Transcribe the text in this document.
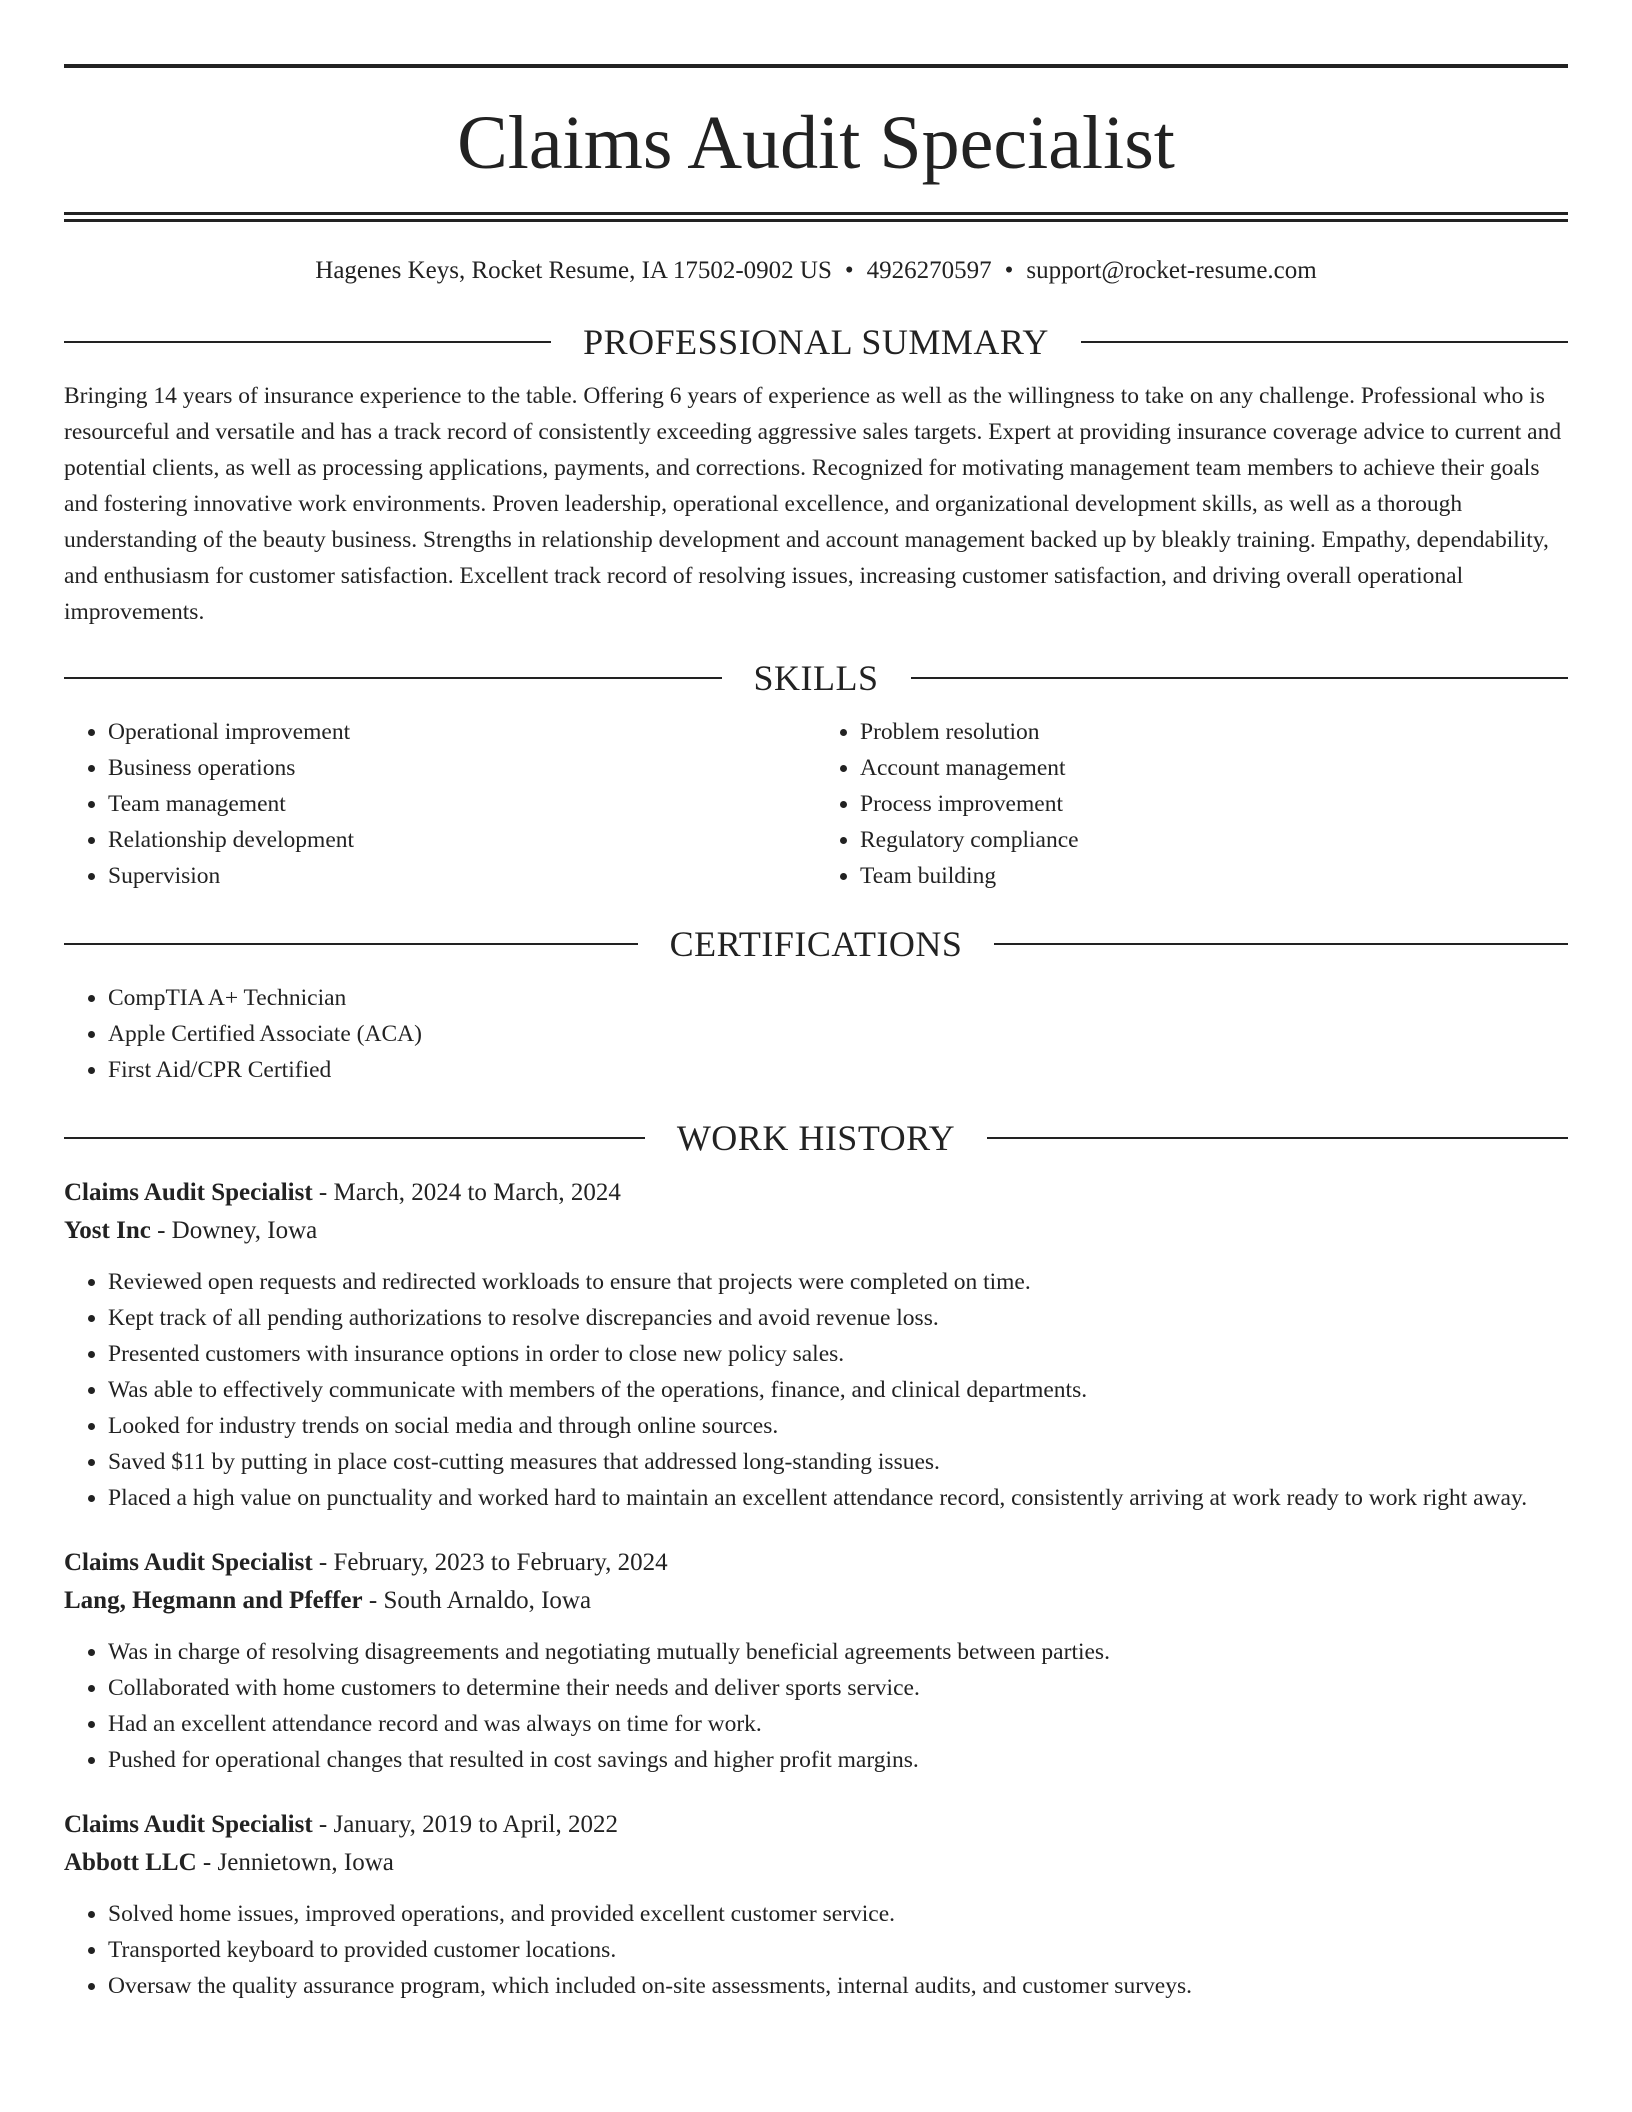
Claims Audit Specialist
Hagenes Keys, Rocket Resume, IA 17502-0902 US • 4926270597 • support@rocket-resume.com
PROFESSIONAL SUMMARY

Bringing 14 years of insurance experience to the table. Offering 6 years of experience as well as the willingness to take on any challenge. Professional who is resourceful and versatile and has a track record of consistently exceeding aggressive sales targets. Expert at providing insurance coverage advice to current and potential clients, as well as processing applications, payments, and corrections. Recognized for motivating management team members to achieve their goals and fostering innovative work environments. Proven leadership, operational excellence, and organizational development skills, as well as a thorough understanding of the beauty business. Strengths in relationship development and account management backed up by bleakly training. Empathy, dependability, and enthusiasm for customer satisfaction. Excellent track record of resolving issues, increasing customer satisfaction, and driving overall operational improvements.

SKILLS
• Operational improvement
• Business operations
• Team management
• Relationship development
• Supervision
• Problem resolution
• Account management
• Process improvement
• Regulatory compliance
• Team building
CERTIFICATIONS
• CompTIA A+ Technician
• Apple Certified Associate (ACA)
• First Aid/CPR Certified
WORK HISTORY
Claims Audit Specialist - March, 2024 to March, 2024
Yost Inc - Downey, Iowa
• Reviewed open requests and redirected workloads to ensure that projects were completed on time.
• Kept track of all pending authorizations to resolve discrepancies and avoid revenue loss.
• Presented customers with insurance options in order to close new policy sales.
• Was able to effectively communicate with members of the operations, finance, and clinical departments.
• Looked for industry trends on social media and through online sources.
• Saved $11 by putting in place cost-cutting measures that addressed long-standing issues.
• Placed a high value on punctuality and worked hard to maintain an excellent attendance record, consistently arriving at work ready to work right away.
Claims Audit Specialist - February, 2023 to February, 2024
Lang, Hegmann and Pfeffer - South Arnaldo, Iowa
• Was in charge of resolving disagreements and negotiating mutually beneficial agreements between parties.
• Collaborated with home customers to determine their needs and deliver sports service.
• Had an excellent attendance record and was always on time for work.
• Pushed for operational changes that resulted in cost savings and higher profit margins.
Claims Audit Specialist - January, 2019 to April, 2022
Abbott LLC - Jennietown, Iowa
• Solved home issues, improved operations, and provided excellent customer service.
• Transported keyboard to provided customer locations.
• Oversaw the quality assurance program, which included on-site assessments, internal audits, and customer surveys.
